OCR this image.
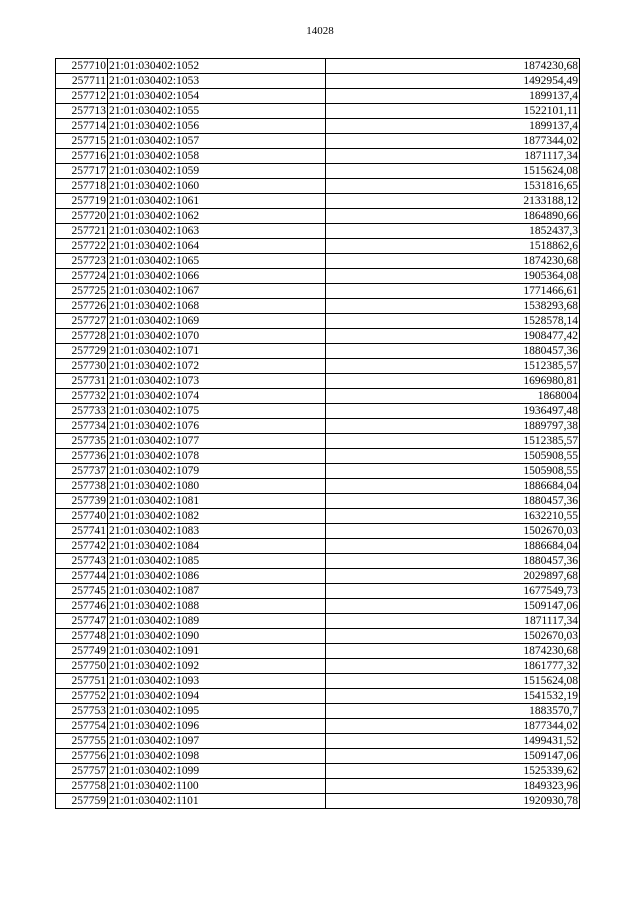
14028
257710	21:01:030402:1052	1874230,68
257711	21:01:030402:1053	1492954,49
257712	21:01:030402:1054	1899137,4
257713	21:01:030402:1055	1522101,11
257714	21:01:030402:1056	1899137,4
257715	21:01:030402:1057	1877344,02
257716	21:01:030402:1058	1871117,34
257717	21:01:030402:1059	1515624,08
257718	21:01:030402:1060	1531816,65
257719	21:01:030402:1061	2133188,12
257720	21:01:030402:1062	1864890,66
257721	21:01:030402:1063	1852437,3
257722	21:01:030402:1064	1518862,6
257723	21:01:030402:1065	1874230,68
257724	21:01:030402:1066	1905364,08
257725	21:01:030402:1067	1771466,61
257726	21:01:030402:1068	1538293,68
257727	21:01:030402:1069	1528578,14
257728	21:01:030402:1070	1908477,42
257729	21:01:030402:1071	1880457,36
257730	21:01:030402:1072	1512385,57
257731	21:01:030402:1073	1696980,81
257732	21:01:030402:1074	1868004
257733	21:01:030402:1075	1936497,48
257734	21:01:030402:1076	1889797,38
257735	21:01:030402:1077	1512385,57
257736	21:01:030402:1078	1505908,55
257737	21:01:030402:1079	1505908,55
257738	21:01:030402:1080	1886684,04
257739	21:01:030402:1081	1880457,36
257740	21:01:030402:1082	1632210,55
257741	21:01:030402:1083	1502670,03
257742	21:01:030402:1084	1886684,04
257743	21:01:030402:1085	1880457,36
257744	21:01:030402:1086	2029897,68
257745	21:01:030402:1087	1677549,73
257746	21:01:030402:1088	1509147,06
257747	21:01:030402:1089	1871117,34
257748	21:01:030402:1090	1502670,03
257749	21:01:030402:1091	1874230,68
257750	21:01:030402:1092	1861777,32
257751	21:01:030402:1093	1515624,08
257752	21:01:030402:1094	1541532,19
257753	21:01:030402:1095	1883570,7
257754	21:01:030402:1096	1877344,02
257755	21:01:030402:1097	1499431,52
257756	21:01:030402:1098	1509147,06
257757	21:01:030402:1099	1525339,62
257758	21:01:030402:1100	1849323,96
257759	21:01:030402:1101	1920930,78
